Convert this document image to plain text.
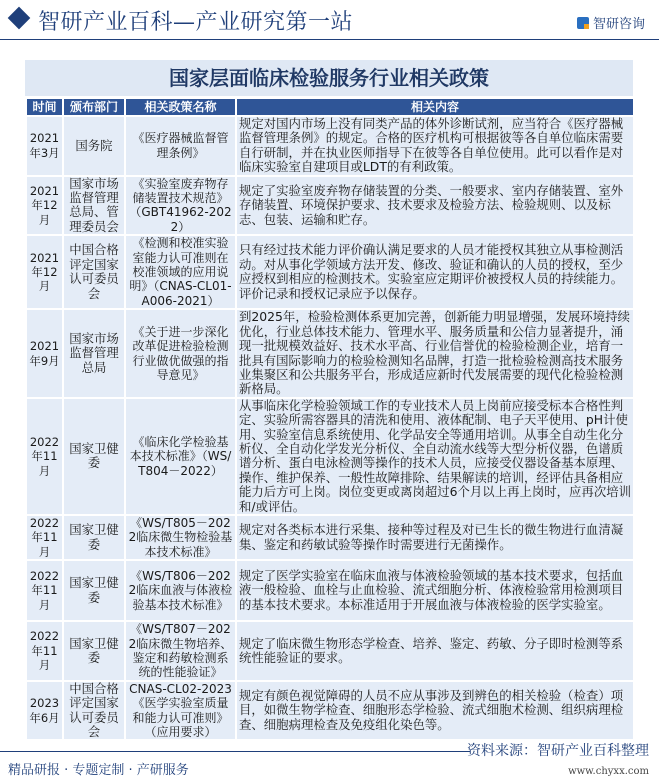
智研产业百科—产业研究第一站	智研咨询
国家层面临床检验服务行业相关政策
时间	颁布部门	相关政策名称	相关内容
2021年3月	国务院	《医疗器械监督管理条例》	规定对国内市场上没有同类产品的体外诊断试剂，应当符合《医疗器械监督管理条例》的规定。合格的医疗机构可根据彼等各自单位临床需要自行研制，并在执业医师指导下在彼等各自单位使用。此可以看作是对临床实验室自建项目或LDT的有利政策。
2021年12月	国家市场监督管理总局、管理委员会	《实验室废弃物存储装置技术规范》（GBT41962-2022）	规定了实验室废弃物存储装置的分类、一般要求、室内存储装置、室外存储装置、环境保护要求、技术要求及检验方法、检验规则、以及标志、包装、运输和贮存。
2021年12月	中国合格评定国家认可委员会	《检测和校准实验室能力认可准则在校准领域的应用说明》（CNAS-CL01-A006-2021）	只有经过技术能力评价确认满足要求的人员才能授权其独立从事检测活动。对从事化学领域方法开发、修改、验证和确认的人员的授权，至少应授权到相应的检测技术。实验室应定期评价被授权人员的持续能力。评价记录和授权记录应予以保存。
2021年9月	国家市场监督管理总局	《关于进一步深化改革促进检验检测行业做优做强的指导意见》	到2025年，检验检测体系更加完善，创新能力明显增强，发展环境持续优化，行业总体技术能力、管理水平、服务质量和公信力显著提升，涌现一批规模效益好、技术水平高、行业信誉优的检验检测企业，培育一批具有国际影响力的检验检测知名品牌，打造一批检验检测高技术服务业集聚区和公共服务平台，形成适应新时代发展需要的现代化检验检测新格局。
2022年11月	国家卫健委	《临床化学检验基本技术标准》（WS/T804－2022）	从事临床化学检验领域工作的专业技术人员上岗前应接受标本合格性判定、实验所需容器具的清洗和使用、液体配制、电子天平使用、pH计使用、实验室信息系统使用、化学品安全等通用培训。从事全自动生化分析仪、全自动化学发光分析仪、全自动流水线等大型分析仪器，色谱质谱分析、蛋白电泳检测等操作的技术人员，应接受仪器设备基本原理、操作、维护保养、一般性故障排除、结果解读的培训，经评估具备相应能力后方可上岗。岗位变更或离岗超过6个月以上再上岗时，应再次培训和/或评估。
2022年11月	国家卫健委	《WS/T805－2022临床微生物检验基本技术标准》	规定对各类标本进行采集、接种等过程及对已生长的微生物进行血清凝集、鉴定和药敏试验等操作时需要进行无菌操作。
2022年11月	国家卫健委	《WS/T806－2022临床血液与体液检验基本技术标准》	规定了医学实验室在临床血液与体液检验领域的基本技术要求，包括血液一般检验、血栓与止血检验、流式细胞分析、体液检验常用检测项目的基本技术要求。本标准适用于开展血液与体液检验的医学实验室。
2022年11月	国家卫健委	《WS/T807－2022临床微生物培养、鉴定和药敏检测系统的性能验证》	规定了临床微生物形态学检查、培养、鉴定、药敏、分子即时检测等系统性能验证的要求。
2023年6月	中国合格评定国家认可委员会	CNAS-CL02-2023《医学实验室质量和能力认可准则》（应用要求）	规定有颜色视觉障碍的人员不应从事涉及到辨色的相关检验（检查）项目，如微生物学检查、细胞形态学检验、流式细胞术检测、组织病理检查、细胞病理检查及免疫组化染色等。
资料来源：智研产业百科整理
精品研报 · 专题定制 · 产研服务	www.chyxx.com
